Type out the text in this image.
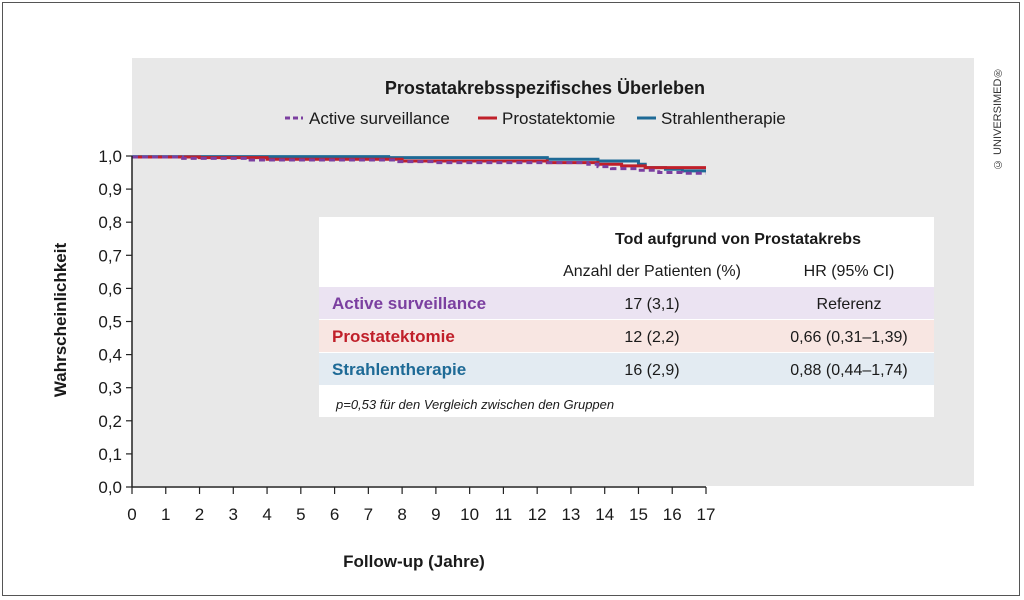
Prostatakrebsspezifisches Überleben
Active surveillance	Prostatektomie	Strahlentherapie
0,0
0,1
0,2
0,3
0,4
0,5
0,6
0,7
0,8
0,9
1,0
0 1 2 3 4 5 6 7 8 9 10 11 12 13 14 15 16 17
Wahrscheinlichkeit
Follow-up (Jahre)
Tod aufgrund von Prostatakrebs
Anzahl der Patienten (%)	HR (95% CI)
Active surveillance	17 (3,1)	Referenz
Prostatektomie	12 (2,2)	0,66 (0,31–1,39)
Strahlentherapie	16 (2,9)	0,88 (0,44–1,74)
p=0,53 für den Vergleich zwischen den Gruppen
© UNIVERSIMED®
